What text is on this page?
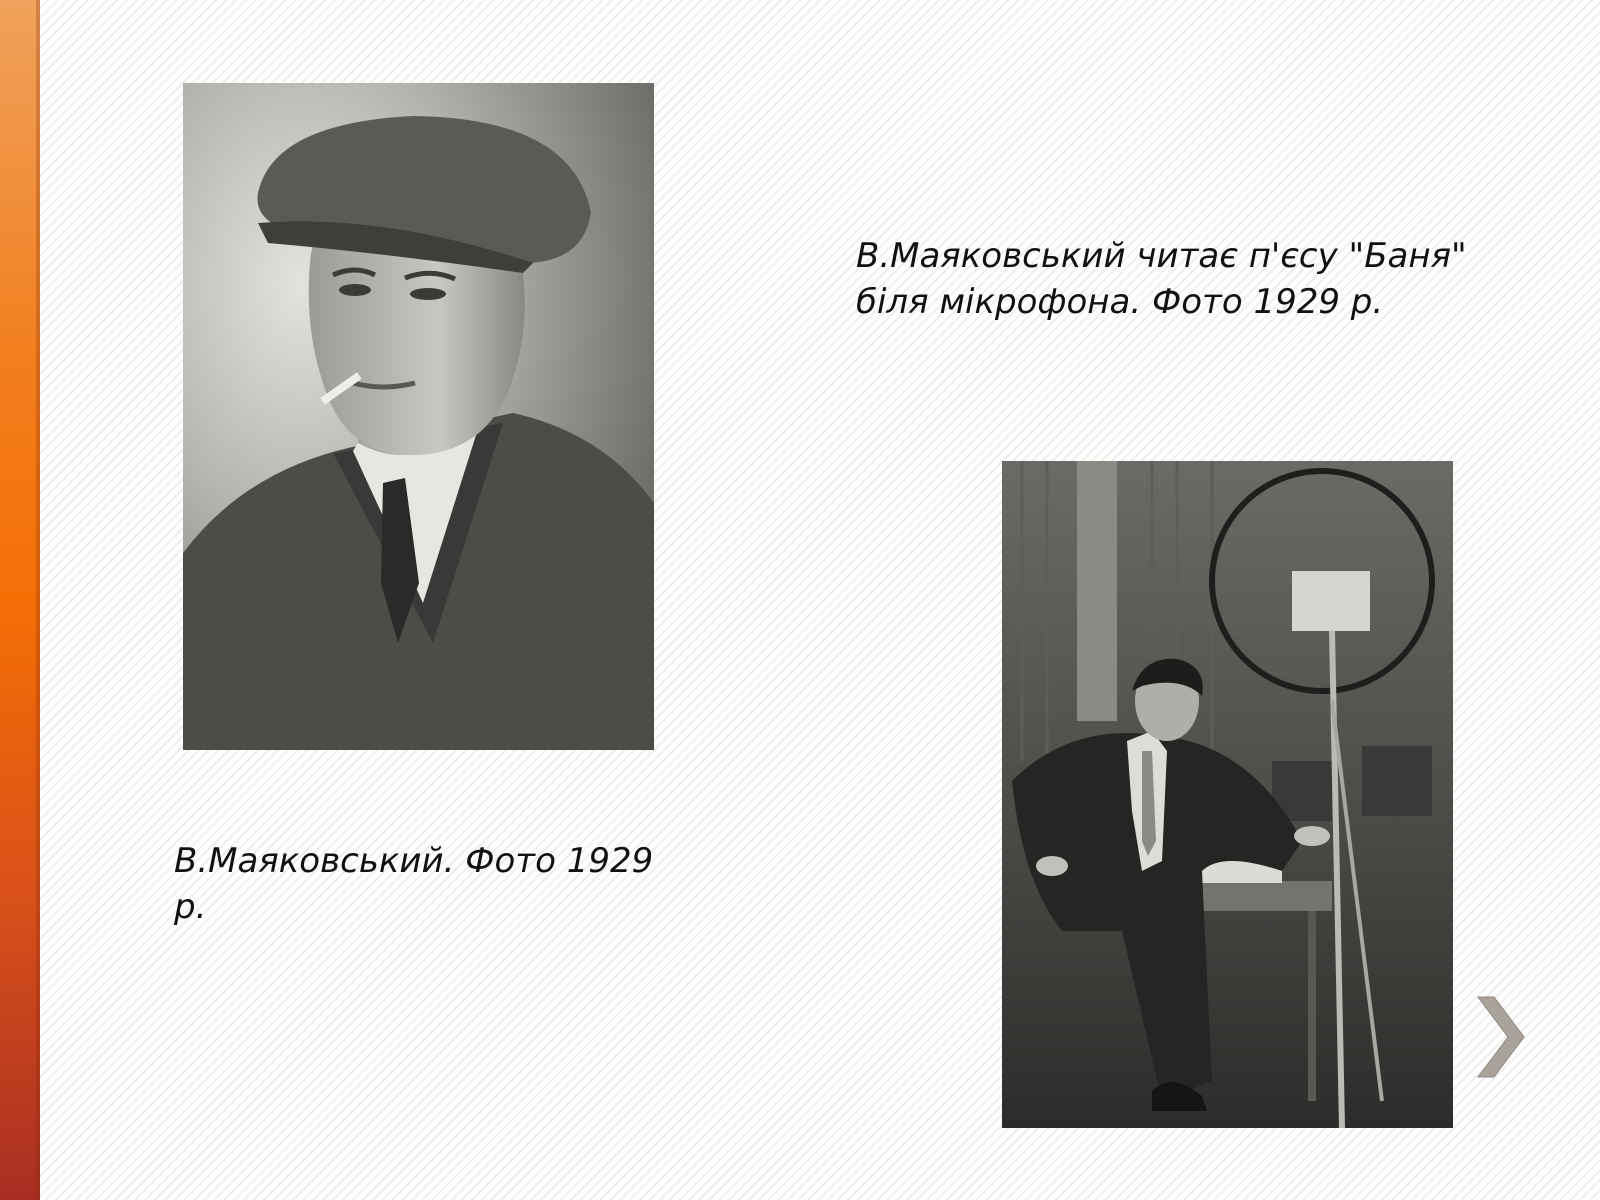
В.Маяковський. Фото 1929 р.

В.Маяковський читає п'єсу "Баня" біля мікрофона. Фото 1929 р.
